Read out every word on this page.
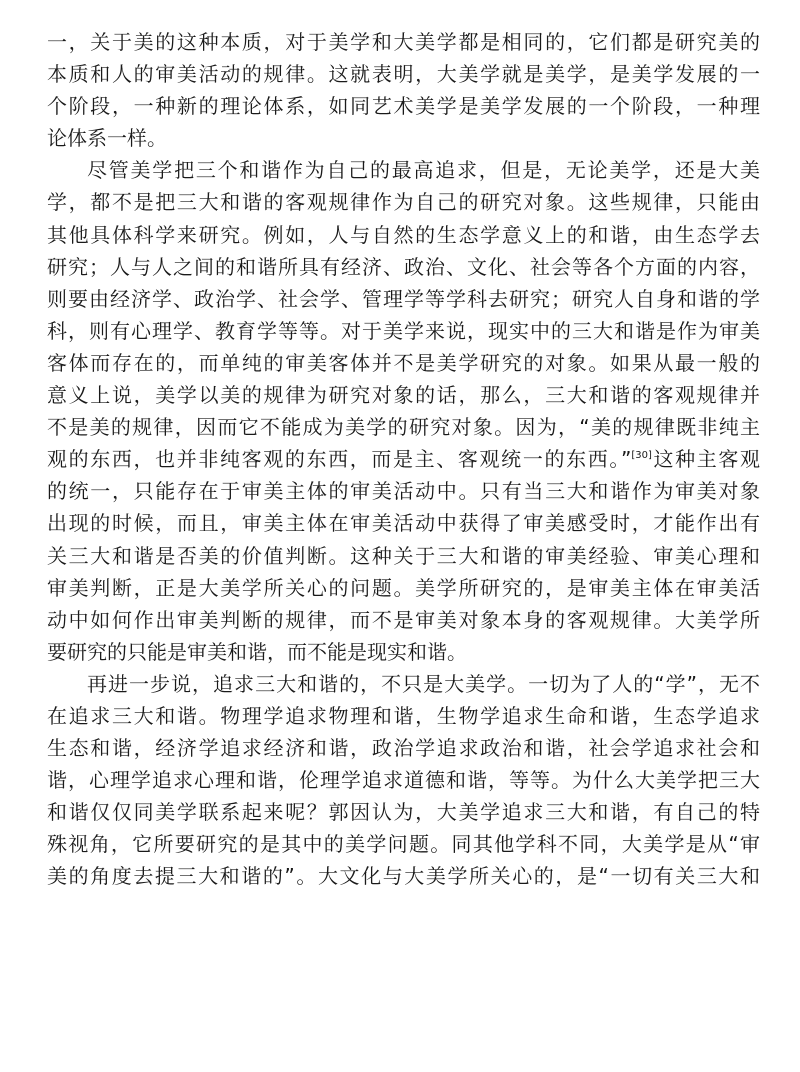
一，关于美的这种本质，对于美学和大美学都是相同的，它们都是研究美的
本质和人的审美活动的规律。这就表明，大美学就是美学，是美学发展的一
个阶段，一种新的理论体系，如同艺术美学是美学发展的一个阶段，一种理
论体系一样。
尽管美学把三个和谐作为自己的最高追求，但是，无论美学，还是大美
学，都不是把三大和谐的客观规律作为自己的研究对象。这些规律，只能由
其他具体科学来研究。例如，人与自然的生态学意义上的和谐，由生态学去
研究；人与人之间的和谐所具有经济、政治、文化、社会等各个方面的内容，
则要由经济学、政治学、社会学、管理学等学科去研究；研究人自身和谐的学
科，则有心理学、教育学等等。对于美学来说，现实中的三大和谐是作为审美
客体而存在的，而单纯的审美客体并不是美学研究的对象。如果从最一般的
意义上说，美学以美的规律为研究对象的话，那么，三大和谐的客观规律并
不是美的规律，因而它不能成为美学的研究对象。因为，“美的规律既非纯主
观的东西，也并非纯客观的东西，而是主、客观统一的东西。”[30]这种主客观
的统一，只能存在于审美主体的审美活动中。只有当三大和谐作为审美对象
出现的时候，而且，审美主体在审美活动中获得了审美感受时，才能作出有
关三大和谐是否美的价值判断。这种关于三大和谐的审美经验、审美心理和
审美判断，正是大美学所关心的问题。美学所研究的，是审美主体在审美活
动中如何作出审美判断的规律，而不是审美对象本身的客观规律。大美学所
要研究的只能是审美和谐，而不能是现实和谐。
再进一步说，追求三大和谐的，不只是大美学。一切为了人的“学”，无不
在追求三大和谐。物理学追求物理和谐，生物学追求生命和谐，生态学追求
生态和谐，经济学追求经济和谐，政治学追求政治和谐，社会学追求社会和
谐，心理学追求心理和谐，伦理学追求道德和谐，等等。为什么大美学把三大
和谐仅仅同美学联系起来呢？郭因认为，大美学追求三大和谐，有自己的特
殊视角，它所要研究的是其中的美学问题。同其他学科不同，大美学是从“审
美的角度去提三大和谐的”。大文化与大美学所关心的，是“一切有关三大和
